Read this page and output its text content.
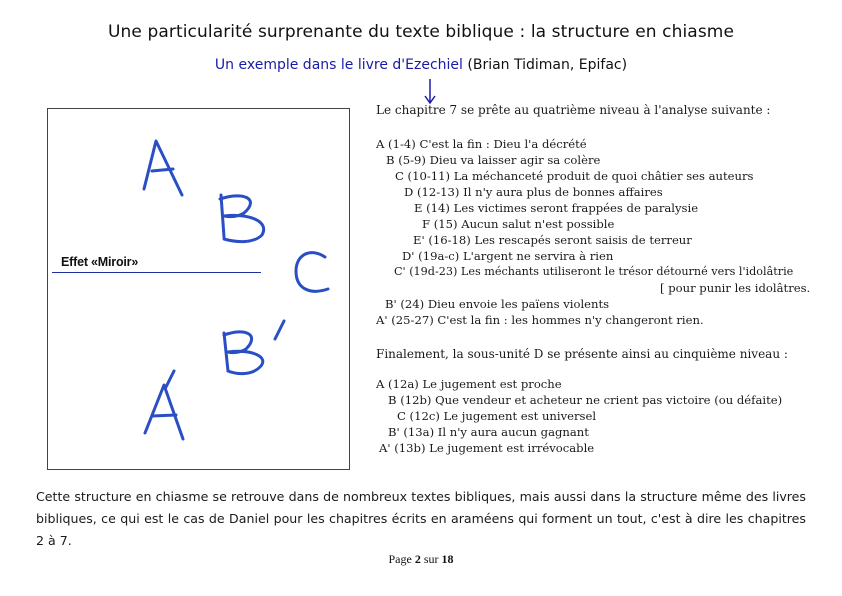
Une particularité surprenante du texte biblique : la structure en chiasme
Un exemple dans le livre d'Ezechiel (Brian Tidiman, Epifac)
Effet «Miroir»
Le chapitre 7 se prête au quatrième niveau à l'analyse suivante :
A (1-4) C'est la fin : Dieu l'a décrété
B (5-9) Dieu va laisser agir sa colère
C (10-11) La méchanceté produit de quoi châtier ses auteurs
D (12-13) Il n'y aura plus de bonnes affaires
E (14) Les victimes seront frappées de paralysie
F (15) Aucun salut n'est possible
E' (16-18) Les rescapés seront saisis de terreur
D' (19a-c) L'argent ne servira à rien
C' (19d-23) Les méchants utiliseront le trésor détourné vers l'idolâtrie
[ pour punir les idolâtres.
B' (24) Dieu envoie les païens violents
A' (25-27) C'est la fin : les hommes n'y changeront rien.
Finalement, la sous-unité D se présente ainsi au cinquième niveau :
A (12a) Le jugement est proche
B (12b) Que vendeur et acheteur ne crient pas victoire (ou défaite)
C (12c) Le jugement est universel
B' (13a) Il n'y aura aucun gagnant
A' (13b) Le jugement est irrévocable
Cette structure en chiasme se retrouve dans de nombreux textes bibliques, mais aussi dans la structure même des livres bibliques, ce qui est le cas de Daniel pour les chapitres écrits en araméens qui forment un tout, c'est à dire les chapitres 2 à 7.
Page 2 sur 18
